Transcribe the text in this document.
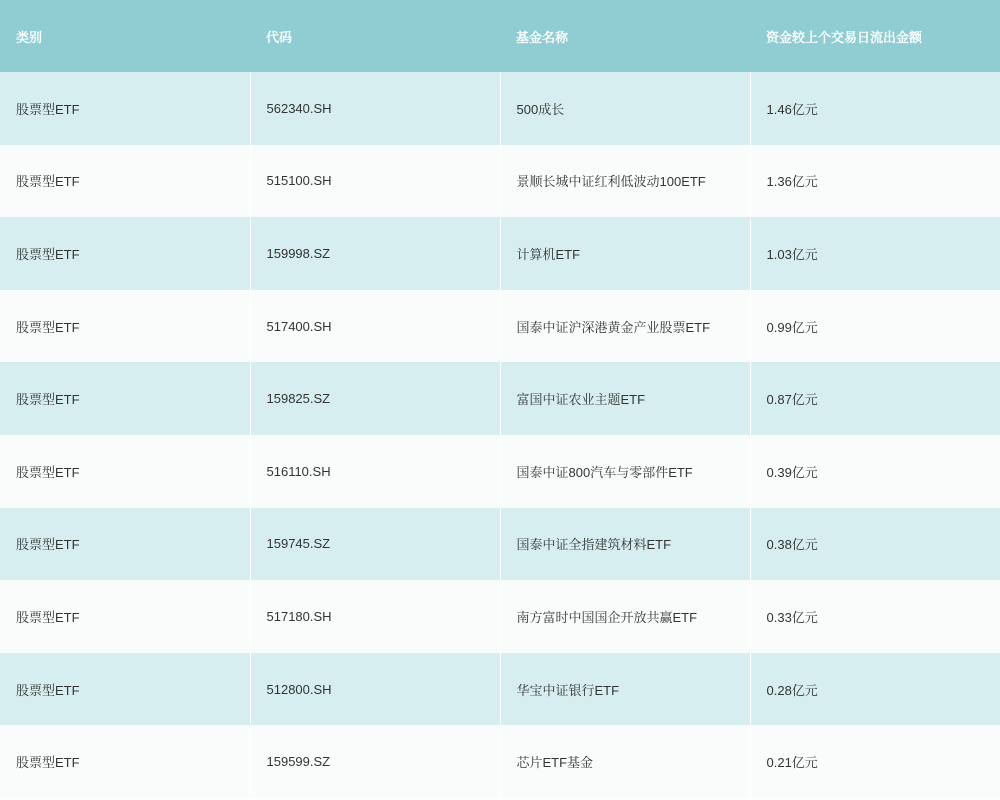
类别	代码	基金名称	资金较上个交易日流出金额
股票型ETF	562340.SH	500成长	1.46亿元
股票型ETF	515100.SH	景顺长城中证红利低波动100ETF	1.36亿元
股票型ETF	159998.SZ	计算机ETF	1.03亿元
股票型ETF	517400.SH	国泰中证沪深港黄金产业股票ETF	0.99亿元
股票型ETF	159825.SZ	富国中证农业主题ETF	0.87亿元
股票型ETF	516110.SH	国泰中证800汽车与零部件ETF	0.39亿元
股票型ETF	159745.SZ	国泰中证全指建筑材料ETF	0.38亿元
股票型ETF	517180.SH	南方富时中国国企开放共赢ETF	0.33亿元
股票型ETF	512800.SH	华宝中证银行ETF	0.28亿元
股票型ETF	159599.SZ	芯片ETF基金	0.21亿元
